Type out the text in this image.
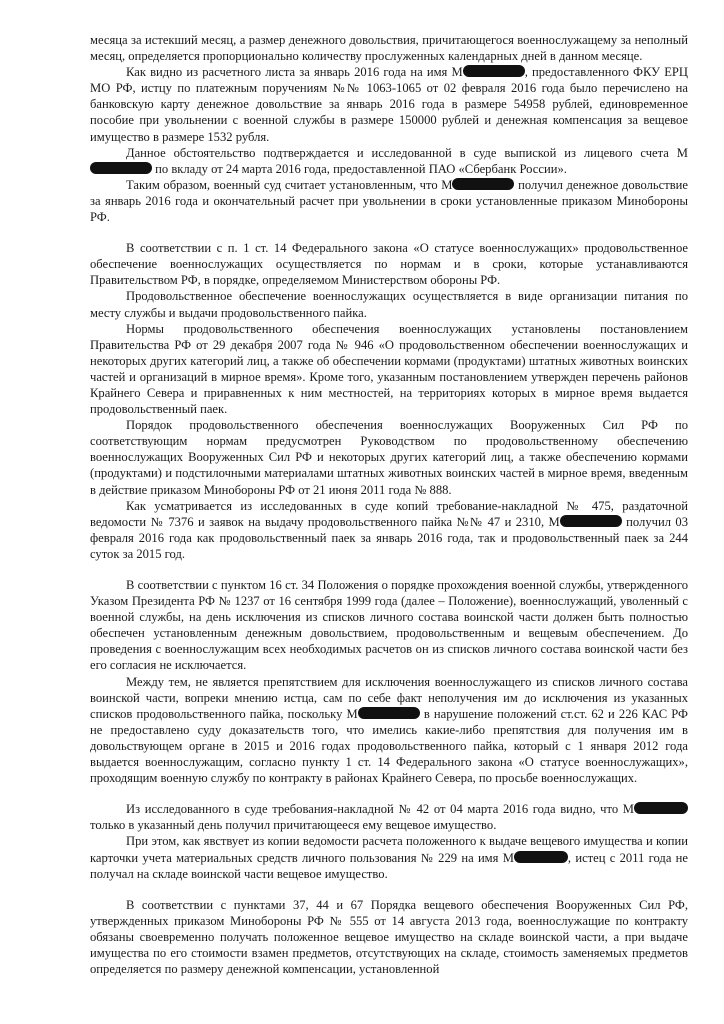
месяца за истекший месяц, а размер денежного довольствия, причитающегося военнослужащему за неполный месяц, определяется пропорционально количеству прослуженных календарных дней в данном месяце.

Как видно из расчетного листа за январь 2016 года на имя М	, предоставленного ФКУ ЕРЦ МО РФ, истцу по платежным поручениям №№ 1063-1065 от 02 февраля 2016 года было перечислено на банковскую карту денежное довольствие за январь 2016 года в размере 54958 рублей, единовременное пособие при увольнении с военной службы в размере 150000 рублей и денежная компенсация за вещевое имущество в размере 1532 рубля.

Данное обстоятельство подтверждается и исследованной в суде выпиской из лицевого счета М по вкладу от 24 марта 2016 года, предоставленной ПАО «Сбербанк России».

Таким образом, военный суд считает установленным, что М	получил денежное довольствие за январь 2016 года и окончательный расчет при увольнении в сроки установленные приказом Минобороны РФ.

В соответствии с п. 1 ст. 14 Федерального закона «О статусе военнослужащих» продовольственное обеспечение военнослужащих осуществляется по нормам и в сроки, которые устанавливаются Правительством РФ, в порядке, определяемом Министерством обороны РФ.

Продовольственное обеспечение военнослужащих осуществляется в виде организации питания по месту службы и выдачи продовольственного пайка.

Нормы продовольственного обеспечения военнослужащих установлены постановлением Правительства РФ от 29 декабря 2007 года № 946 «О продовольственном обеспечении военнослужащих и некоторых других категорий лиц, а также об обеспечении кормами (продуктами) штатных животных воинских частей и организаций в мирное время». Кроме того, указанным постановлением утвержден перечень районов Крайнего Севера и приравненных к ним местностей, на территориях которых в мирное время выдается продовольственный паек.

Порядок продовольственного обеспечения военнослужащих Вооруженных Сил РФ по соответствующим нормам предусмотрен Руководством по продовольственному обеспечению военнослужащих Вооруженных Сил РФ и некоторых других категорий лиц, а также обеспечению кормами (продуктами) и подстилочными материалами штатных животных воинских частей в мирное время, введенным в действие приказом Минобороны РФ от 21 июня 2011 года № 888.

Как усматривается из исследованных в суде копий требование-накладной № 475, раздаточной ведомости № 7376 и заявок на выдачу продовольственного пайка №№ 47 и 2310, М	получил 03 февраля 2016 года как продовольственный паек за январь 2016 года, так и продовольственный паек за 244 суток за 2015 год.

В соответствии с пунктом 16 ст. 34 Положения о порядке прохождения военной службы, утвержденного Указом Президента РФ № 1237 от 16 сентября 1999 года (далее – Положение), военнослужащий, уволенный с военной службы, на день исключения из списков личного состава воинской части должен быть полностью обеспечен установленным денежным довольствием, продовольственным и вещевым обеспечением. До проведения с военнослужащим всех необходимых расчетов он из списков личного состава воинской части без его согласия не исключается.

Между тем, не является препятствием для исключения военнослужащего из списков личного состава воинской части, вопреки мнению истца, сам по себе факт неполучения им до исключения из указанных списков продовольственного пайка, поскольку М	в нарушение положений ст.ст. 62 и 226 КАС РФ не предоставлено суду доказательств того, что имелись какие-либо препятствия для получения им в довольствующем органе в 2015 и 2016 годах продовольственного пайка, который с 1 января 2012 года выдается военнослужащим, согласно пункту 1 ст. 14 Федерального закона «О статусе военнослужащих», проходящим военную службу по контракту в районах Крайнего Севера, по просьбе военнослужащих.

Из исследованного в суде требования-накладной № 42 от 04 марта 2016 года видно, что М только в указанный день получил причитающееся ему вещевое имущество.

При этом, как явствует из копии ведомости расчета положенного к выдаче вещевого имущества и копии карточки учета материальных средств личного пользования № 229 на имя М	, истец с 2011 года не получал на складе воинской части вещевое имущество.

В соответствии с пунктами 37, 44 и 67 Порядка вещевого обеспечения Вооруженных Сил РФ, утвержденных приказом Минобороны РФ № 555 от 14 августа 2013 года, военнослужащие по контракту обязаны своевременно получать положенное вещевое имущество на складе воинской части, а при выдаче имущества по его стоимости взамен предметов, отсутствующих на складе, стоимость заменяемых предметов определяется по размеру денежной компенсации, установленной
